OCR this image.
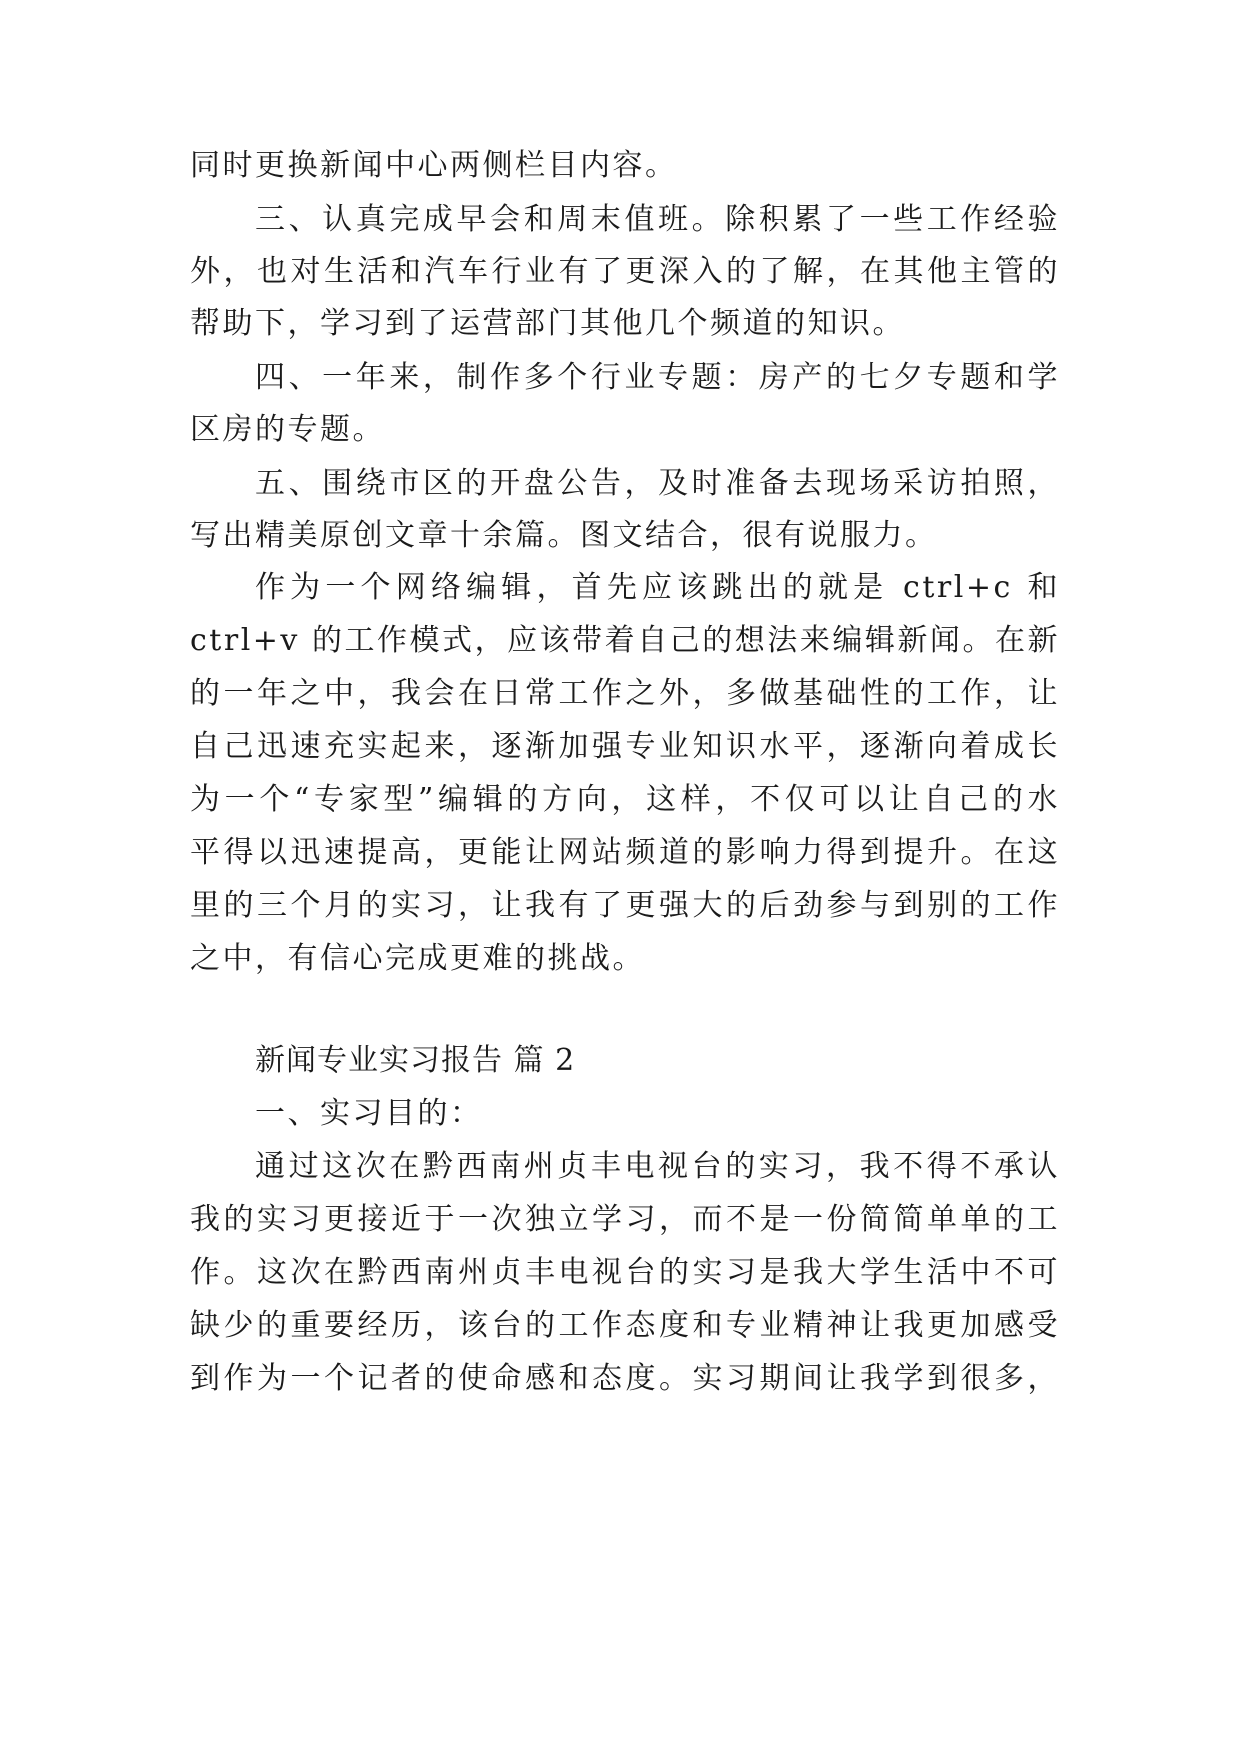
同时更换新闻中心两侧栏目内容。
三、认真完成早会和周末值班。除积累了一些工作经验
外，也对生活和汽车行业有了更深入的了解，在其他主管的
帮助下，学习到了运营部门其他几个频道的知识。
四、一年来，制作多个行业专题：房产的七夕专题和学
区房的专题。
五、围绕市区的开盘公告，及时准备去现场采访拍照，
写出精美原创文章十余篇。图文结合，很有说服力。
作为一个网络编辑，首先应该跳出的就是 ctrl+c 和
ctrl+v 的工作模式，应该带着自己的想法来编辑新闻。在新
的一年之中，我会在日常工作之外，多做基础性的工作，让
自己迅速充实起来，逐渐加强专业知识水平，逐渐向着成长
为一个“专家型”编辑的方向，这样，不仅可以让自己的水
平得以迅速提高，更能让网站频道的影响力得到提升。在这
里的三个月的实习，让我有了更强大的后劲参与到别的工作
之中，有信心完成更难的挑战。
新闻专业实习报告 篇 2
一、实习目的：
通过这次在黔西南州贞丰电视台的实习，我不得不承认
我的实习更接近于一次独立学习，而不是一份简简单单的工
作。这次在黔西南州贞丰电视台的实习是我大学生活中不可
缺少的重要经历，该台的工作态度和专业精神让我更加感受
到作为一个记者的使命感和态度。实习期间让我学到很多，
